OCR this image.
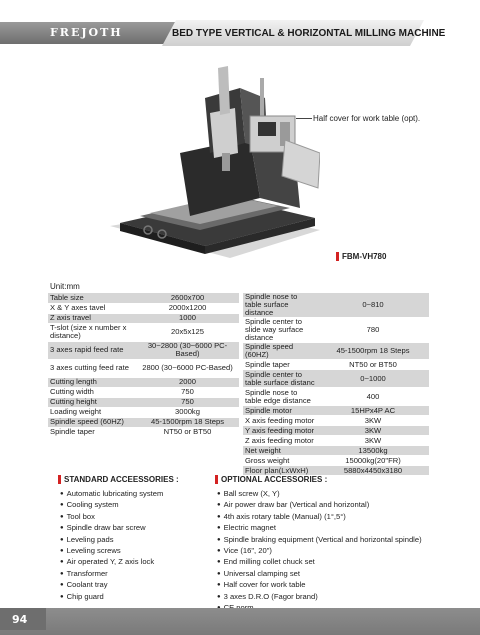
FREJOTH	BED TYPE VERTICAL & HORIZONTAL MILLING MACHINE
Half cover for work table (opt).
FBM-VH780
Unit:mm
Table size	2600x700
X & Y axes tavel	2000x1200
Z axis travel	1000
T-slot (size x number x distance)	20x5x125
3 axes rapid feed rate	30~2800 (30~6000 PC-Based)
3 axes cutting feed rate	2800 (30~6000 PC-Based)
Cutting length	2000
Cutting width	750
Cutting height	750
Loading weight	3000kg
Spindle speed (60HZ)	45-1500rpm 18 Steps
Spindle taper	NT50 or BT50
Spindle nose to table surface distance	0~810
Spindle center to slide way surface distance	780
Spindle speed (60HZ)	45-1500rpm 18 Steps
Spindle taper	NT50 or BT50
Spindle center to table surface distanc	0~1000
Spindle nose to table edge distance	400
Spindle motor	15HPx4P AC
X axis feeding motor	3KW
Y axis feeding motor	3KW
Z axis feeding motor	3KW
Net weight	13500kg
Gross weight	15000kg(20"FR)
Floor plan(LxWxH)	5880x4450x3180
STANDARD ACCEESSORIES :
● Automatic lubricating system
● Cooling system
● Tool box
● Spindle draw bar screw
● Leveling pads
● Leveling screws
● Air operated Y, Z axis lock
● Transformer
● Coolant tray
● Chip guard
OPTIONAL ACCESSORIES :
● Ball screw (X, Y)
● Air power draw bar (Vertical and horizontal)
● 4th axis rotary table (Manual) (1°,5°)
● Electric magnet
● Spindle braking equipment (Vertical and horizontal spindle)
● Vice (16", 20")
● End milling collet chuck set
● Universal clamping set
● Half cover for work table
● 3 axes D.R.O (Fagor brand)
●
94
